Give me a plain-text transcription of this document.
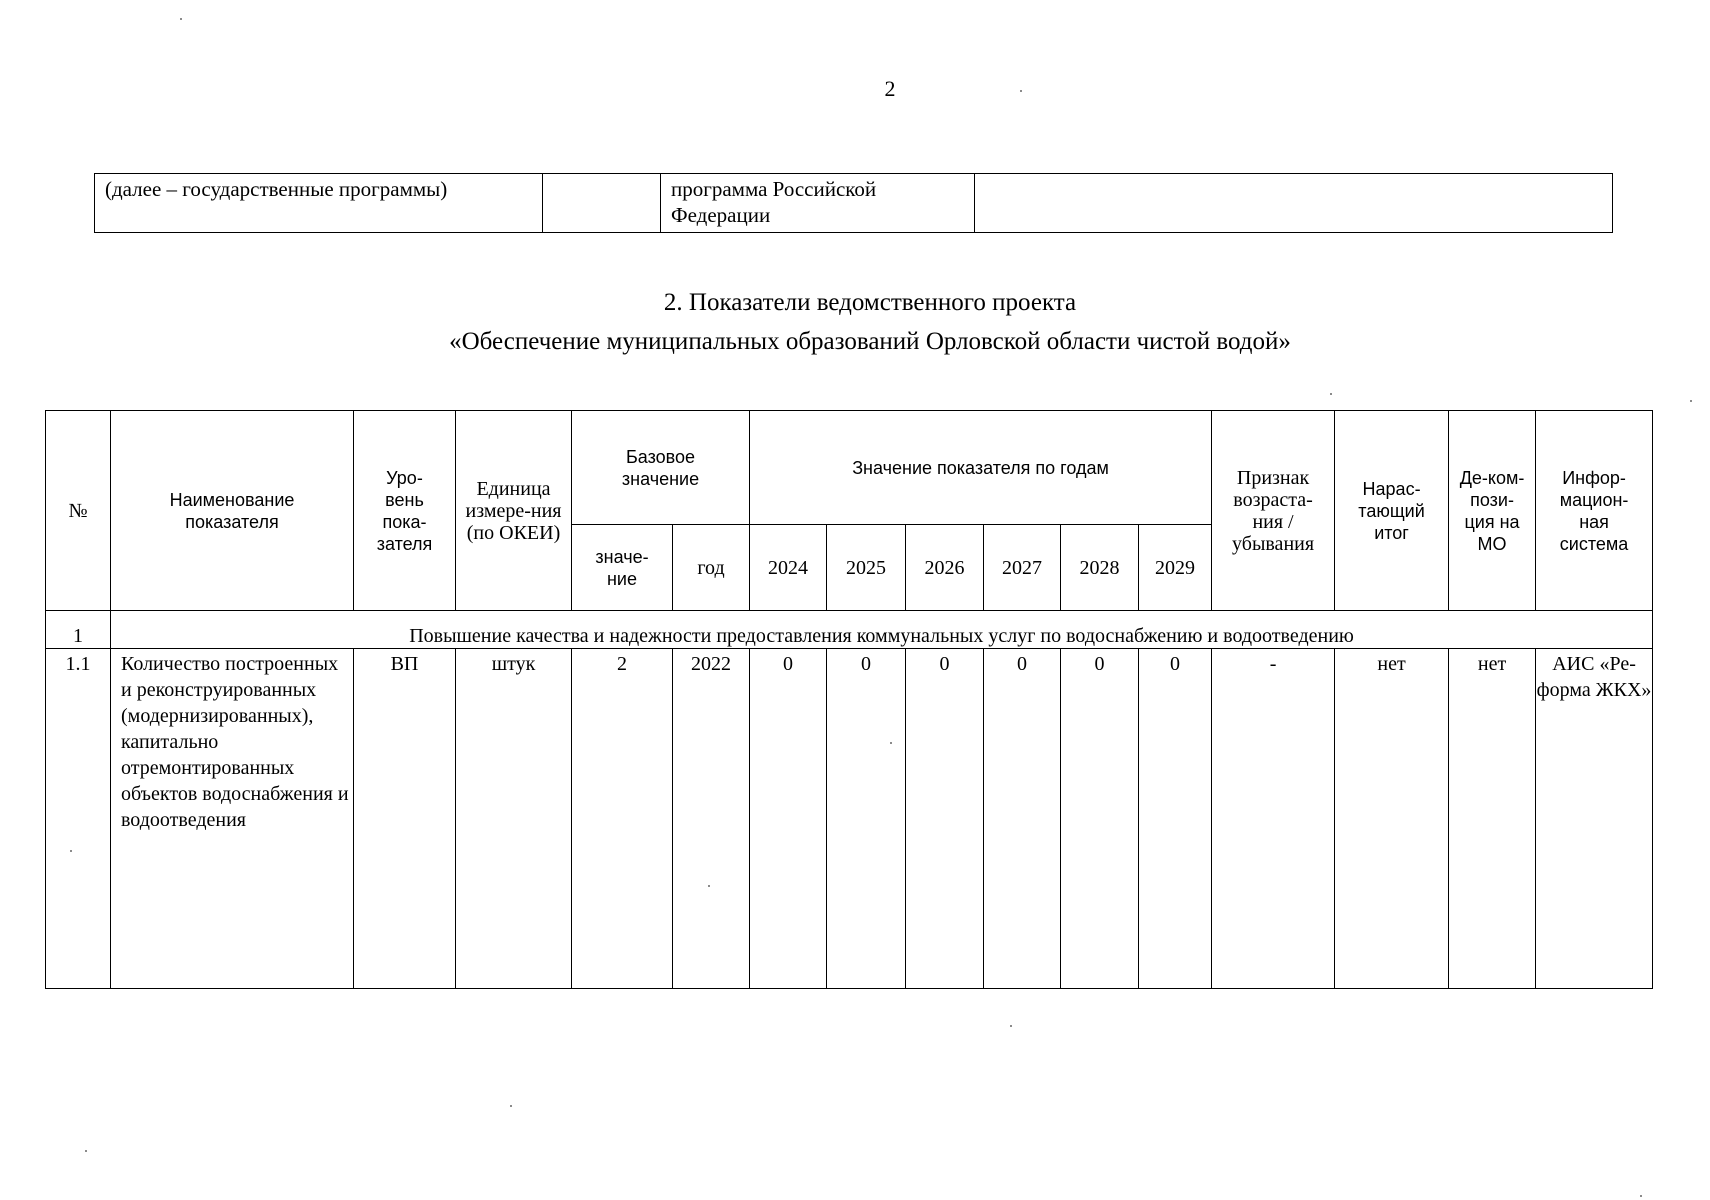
2
(далее – государственные программы)		программа Российской Федерации	
2. Показатели ведомственного проекта
«Обеспечение муниципальных образований Орловской области чистой водой»
№	Наименование показателя	Уро-вень пока-зателя	Единица измере-ния (по ОКЕИ)	Базовое значение		Значение показателя по годам						Признак возраста-ния / убывания	Нарас-тающий итог	Де-ком-пози-ция на МО	Инфор-мацион-ная система
				значе-ние	год	2024	2025	2026	2027	2028	2029				
1	Повышение качества и надежности предоставления коммунальных услуг по водоснабжению и водоотведению														
1.1	Количество построенных и реконструированных (модернизированных), капитально отремонтированных объектов водоснабжения и водоотведения	ВП	штук	2	2022	0	0	0	0	0	0	-	нет	нет	АИС «Ре-форма ЖКХ»
